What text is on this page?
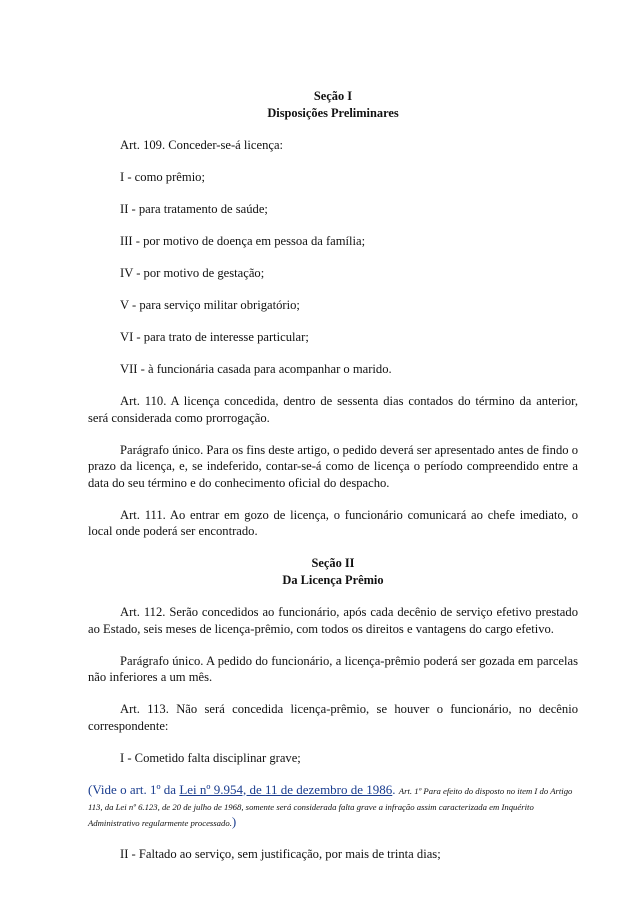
Seção I
Disposições Preliminares

Art. 109. Conceder-se-á licença:

I - como prêmio;

II - para tratamento de saúde;

III - por motivo de doença em pessoa da família;

IV - por motivo de gestação;

V - para serviço militar obrigatório;

VI - para trato de interesse particular;

VII - à funcionária casada para acompanhar o marido.

Art. 110. A licença concedida, dentro de sessenta dias contados do término da anterior, será considerada como prorrogação.

Parágrafo único. Para os fins deste artigo, o pedido deverá ser apresentado antes de findo o prazo da licença, e, se indeferido, contar-se-á como de licença o período compreendido entre a data do seu término e do conhecimento oficial do despacho.

Art. 111. Ao entrar em gozo de licença, o funcionário comunicará ao chefe imediato, o local onde poderá ser encontrado.

Seção II
Da Licença Prêmio

Art. 112. Serão concedidos ao funcionário, após cada decênio de serviço efetivo prestado ao Estado, seis meses de licença-prêmio, com todos os direitos e vantagens do cargo efetivo.

Parágrafo único. A pedido do funcionário, a licença-prêmio poderá ser gozada em parcelas não inferiores a um mês.

Art. 113. Não será concedida licença-prêmio, se houver o funcionário, no decênio correspondente:

I - Cometido falta disciplinar grave;

(Vide o art. 1º da Lei nº 9.954, de 11 de dezembro de 1986. Art. 1º Para efeito do disposto no item I do Artigo 113, da Lei nº 6.123, de 20 de julho de 1968, somente será considerada falta grave a infração assim caracterizada em Inquérito Administrativo regularmente processado.)

II - Faltado ao serviço, sem justificação, por mais de trinta dias;
